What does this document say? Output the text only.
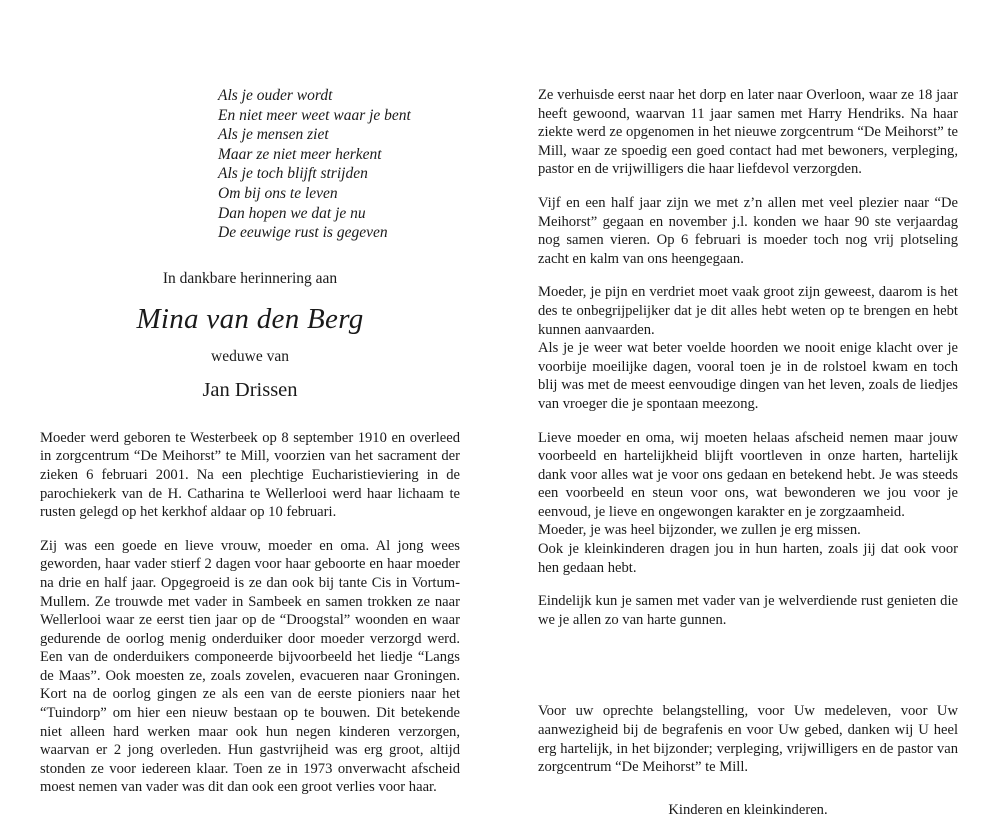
Als je ouder wordt
En niet meer weet waar je bent
Als je mensen ziet
Maar ze niet meer herkent
Als je toch blijft strijden
Om bij ons te leven
Dan hopen we dat je nu
De eeuwige rust is gegeven
In dankbare herinnering aan
Mina van den Berg
weduwe van
Jan Drissen

Moeder werd geboren te Westerbeek op 8 september 1910 en overleed in zorgcentrum “De Meihorst” te Mill, voorzien van het sacrament der zieken 6 februari 2001. Na een plechtige Eucharistieviering in de parochiekerk van de H. Catharina te Wellerlooi werd haar lichaam te rusten gelegd op het kerkhof aldaar op 10 februari.

Zij was een goede en lieve vrouw, moeder en oma. Al jong wees geworden, haar vader stierf 2 dagen voor haar geboorte en haar moeder na drie en half jaar. Opgegroeid is ze dan ook bij tante Cis in Vortum-Mullem. Ze trouwde met vader in Sambeek en samen trokken ze naar Wellerlooi waar ze eerst tien jaar op de “Droogstal” woonden en waar gedurende de oorlog menig onderduiker door moeder verzorgd werd. Een van de onderduikers componeerde bijvoorbeeld het liedje “Langs de Maas”. Ook moesten ze, zoals zovelen, evacueren naar Groningen. Kort na de oorlog gingen ze als een van de eerste pioniers naar het “Tuindorp” om hier een nieuw bestaan op te bouwen. Dit betekende niet alleen hard werken maar ook hun negen kinderen verzorgen, waarvan er 2 jong overleden. Hun gastvrijheid was erg groot, altijd stonden ze voor iedereen klaar. Toen ze in 1973 onverwacht afscheid moest nemen van vader was dit dan ook een groot verlies voor haar.

Ze verhuisde eerst naar het dorp en later naar Overloon, waar ze 18 jaar heeft gewoond, waarvan 11 jaar samen met Harry Hendriks. Na haar ziekte werd ze opgenomen in het nieuwe zorgcentrum “De Meihorst” te Mill, waar ze spoedig een goed contact had met bewoners, verpleging, pastor en de vrijwilligers die haar liefdevol verzorgden.

Vijf en een half jaar zijn we met z’n allen met veel plezier naar “De Meihorst” gegaan en november j.l. konden we haar 90 ste verjaardag nog samen vieren. Op 6 februari is moeder toch nog vrij plotseling zacht en kalm van ons heengegaan.

Moeder, je pijn en verdriet moet vaak groot zijn geweest, daarom is het des te onbegrijpelijker dat je dit alles hebt weten op te brengen en hebt kunnen aanvaarden.

Als je je weer wat beter voelde hoorden we nooit enige klacht over je voorbije moeilijke dagen, vooral toen je in de rolstoel kwam en toch blij was met de meest eenvoudige dingen van het leven, zoals de liedjes van vroeger die je spontaan meezong.

Lieve moeder en oma, wij moeten helaas afscheid nemen maar jouw voorbeeld en hartelijkheid blijft voortleven in onze harten, hartelijk dank voor alles wat je voor ons gedaan en betekend hebt. Je was steeds een voorbeeld en steun voor ons, wat bewonderen we jou voor je eenvoud, je lieve en ongewongen karakter en je zorgzaamheid.

Moeder, je was heel bijzonder, we zullen je erg missen.

Ook je kleinkinderen dragen jou in hun harten, zoals jij dat ook voor hen gedaan hebt.

Eindelijk kun je samen met vader van je welverdiende rust genieten die we je allen zo van harte gunnen.

Voor uw oprechte belangstelling, voor Uw medeleven, voor Uw aanwezigheid bij de begrafenis en voor Uw gebed, danken wij U heel erg hartelijk, in het bijzonder; verpleging, vrijwilligers en de pastor van zorgcentrum “De Meihorst” te Mill.

Kinderen en kleinkinderen.
